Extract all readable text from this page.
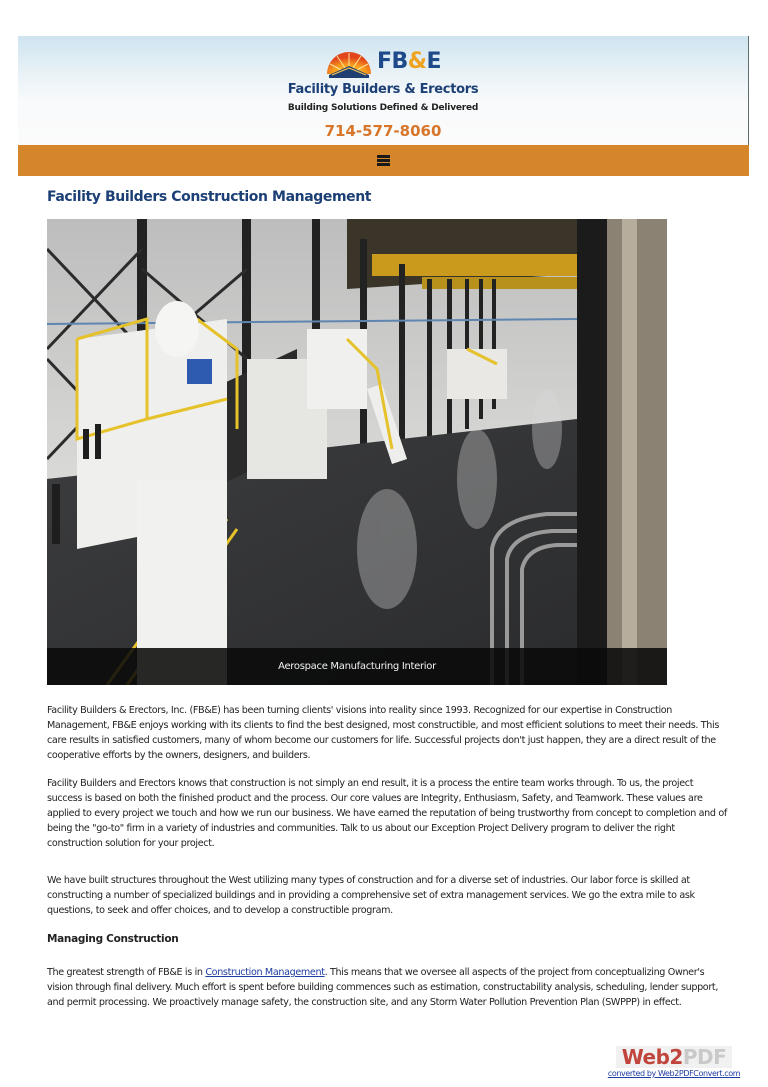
FB&E
Facility Builders & Erectors
Building Solutions Defined & Delivered
714-577-8060
Facility Builders Construction Management
Aerospace Manufacturing Interior

Facility Builders & Erectors, Inc. (FB&E) has been turning clients' visions into reality since 1993. Recognized for our expertise in Construction Management, FB&E enjoys working with its clients to find the best designed, most constructible, and most efficient solutions to meet their needs. This care results in satisfied customers, many of whom become our customers for life. Successful projects don't just happen, they are a direct result of the cooperative efforts by the owners, designers, and builders.

Facility Builders and Erectors knows that construction is not simply an end result, it is a process the entire team works through. To us, the project success is based on both the finished product and the process. Our core values are Integrity, Enthusiasm, Safety, and Teamwork. These values are applied to every project we touch and how we run our business. We have earned the reputation of being trustworthy from concept to completion and of being the "go-to" firm in a variety of industries and communities. Talk to us about our Exception Project Delivery program to deliver the right construction solution for your project.

We have built structures throughout the West utilizing many types of construction and for a diverse set of industries. Our labor force is skilled at constructing a number of specialized buildings and in providing a comprehensive set of extra management services. We go the extra mile to ask questions, to seek and offer choices, and to develop a constructible program.

Managing Construction

The greatest strength of FB&E is in Construction Management. This means that we oversee all aspects of the project from conceptualizing Owner's vision through final delivery. Much effort is spent before building commences such as estimation, constructability analysis, scheduling, lender support, and permit processing. We proactively manage safety, the construction site, and any Storm Water Pollution Prevention Plan (SWPPP) in effect.

Web2PDF
converted by Web2PDFConvert.com
